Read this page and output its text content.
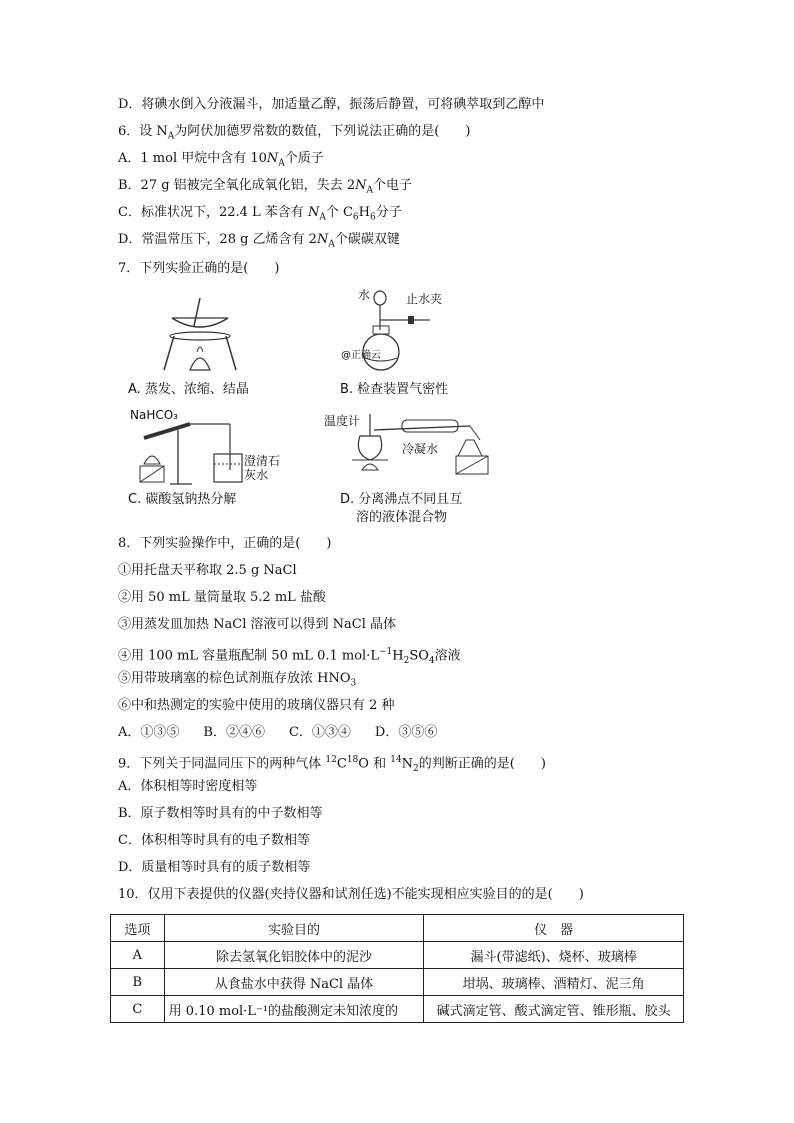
D．将碘水倒入分液漏斗，加适量乙醇，振荡后静置，可将碘萃取到乙醇中
6．设 $N_A$为阿伏加德罗常数的数值，下列说法正确的是(　　)
A．1 mol 甲烷中含有 $10N_A$个质子
B．27 g 铝被完全氧化成氧化铝，失去 $2N_A$个电子
C．标准状况下，22.4 L 苯含有 $N_A$个 $C_6H_6$分子
D．常温常压下，28 g 乙烯含有 $2N_A$个碳碳双键
7．下列实验正确的是(　　)
A. 蒸发、浓缩、结晶
水	止水夹
@正确云
B. 检查装置气密性
NaHCO₃
澄清石
灰水
C. 碳酸氢钠热分解
温度计
冷凝水
D. 分离沸点不同且互
溶的液体混合物
8．下列实验操作中，正确的是(　　)
①用托盘天平称取 2.5 g NaCl
②用 50 mL 量筒量取 5.2 mL 盐酸
③用蒸发皿加热 NaCl 溶液可以得到 NaCl 晶体
④用 100 mL 容量瓶配制 50 mL 0.1 $mol\cdot L^{-1}H_2SO_4$溶液
⑤用带玻璃塞的棕色试剂瓶存放浓 $HNO_3$
⑥中和热测定的实验中使用的玻璃仪器只有 2 种
A．①③⑤ B．②④⑥ C．①③④ D．③⑤⑥
9．下列关于同温同压下的两种气体 $^{12}C^{18}O$ 和 $^{14}N_2$的判断正确的是(　　)
A．体积相等时密度相等
B．原子数相等时具有的中子数相等
C．体积相等时具有的电子数相等
D．质量相等时具有的质子数相等
10．仅用下表提供的仪器(夹持仪器和试剂任选)不能实现相应实验目的的是(　　)
选项	实验目的	仪　器
A	除去氢氧化铝胶体中的泥沙	漏斗(带滤纸)、烧杯、玻璃棒
B	从食盐水中获得 NaCl 晶体	坩埚、玻璃棒、酒精灯、泥三角
C	用 0.10 mol·L⁻¹的盐酸测定未知浓度的	碱式滴定管、酸式滴定管、锥形瓶、胶头
